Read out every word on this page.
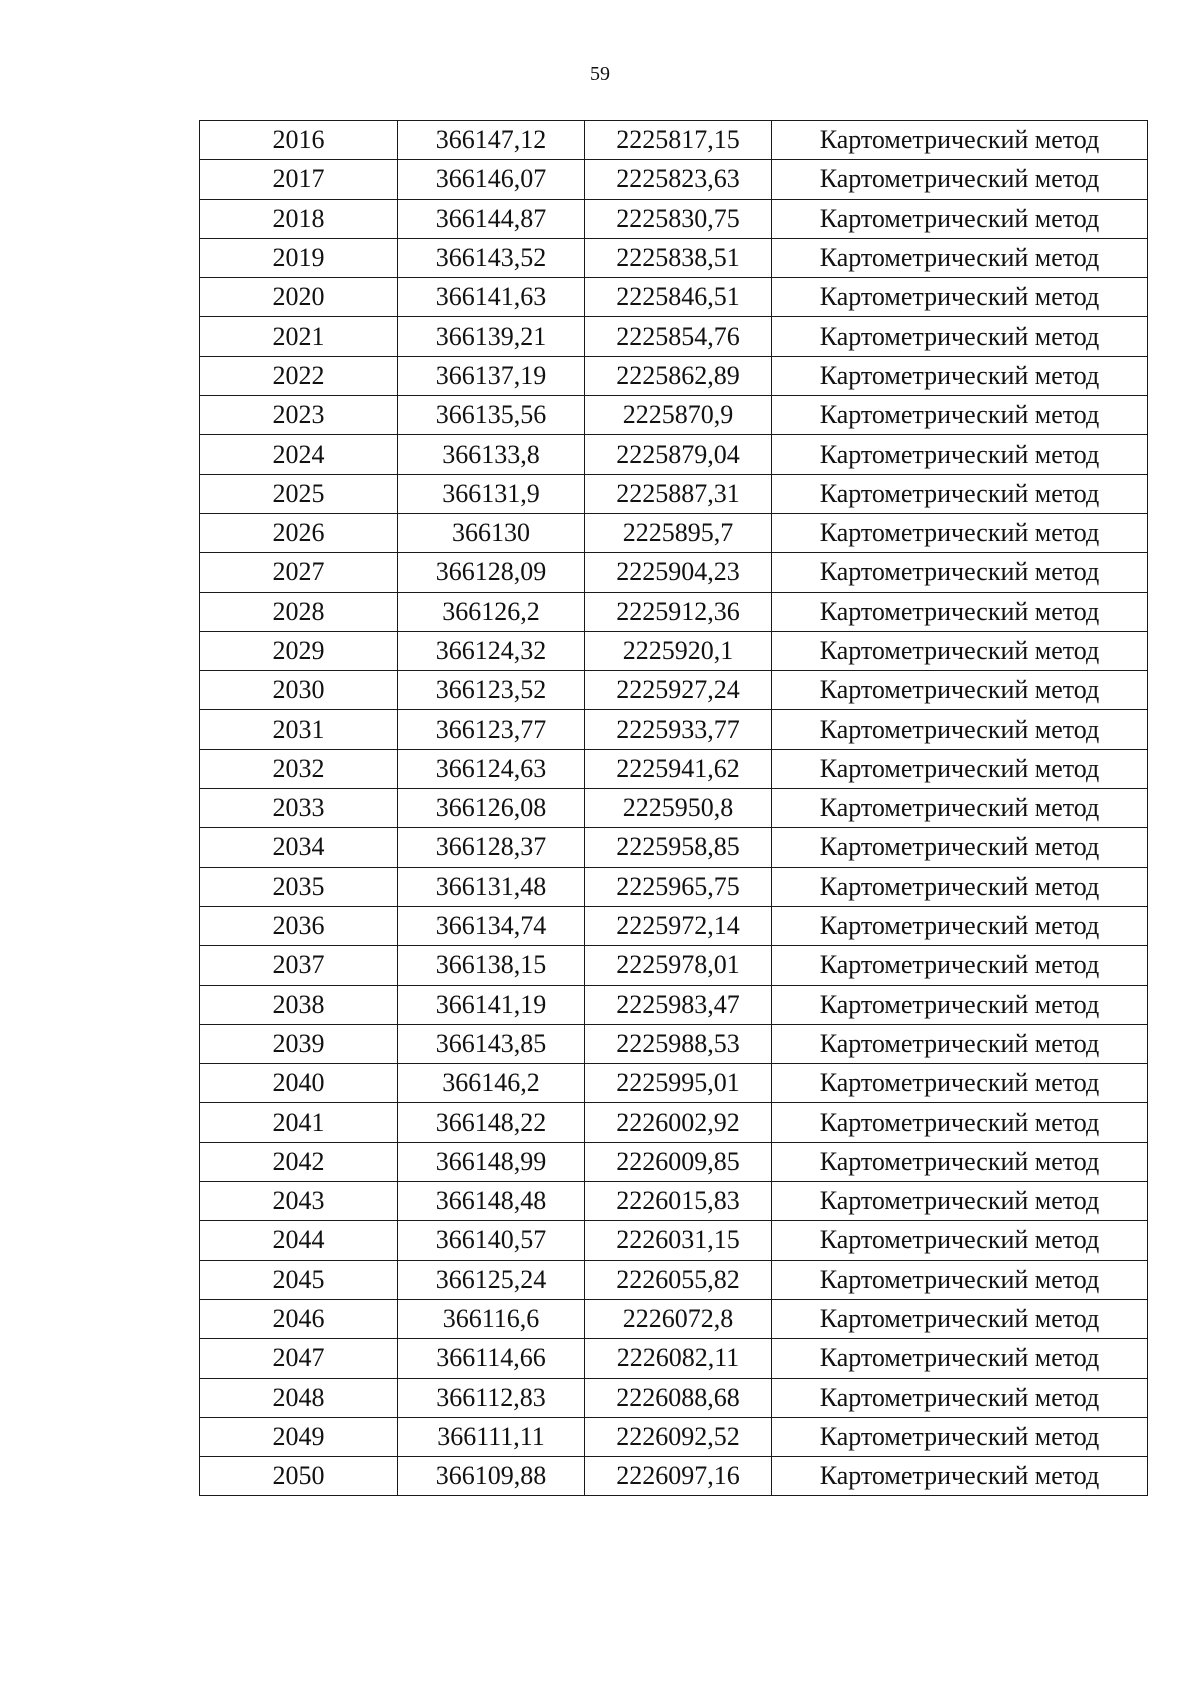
59
2016	366147,12	2225817,15	Картометрический метод
2017	366146,07	2225823,63	Картометрический метод
2018	366144,87	2225830,75	Картометрический метод
2019	366143,52	2225838,51	Картометрический метод
2020	366141,63	2225846,51	Картометрический метод
2021	366139,21	2225854,76	Картометрический метод
2022	366137,19	2225862,89	Картометрический метод
2023	366135,56	2225870,9	Картометрический метод
2024	366133,8	2225879,04	Картометрический метод
2025	366131,9	2225887,31	Картометрический метод
2026	366130	2225895,7	Картометрический метод
2027	366128,09	2225904,23	Картометрический метод
2028	366126,2	2225912,36	Картометрический метод
2029	366124,32	2225920,1	Картометрический метод
2030	366123,52	2225927,24	Картометрический метод
2031	366123,77	2225933,77	Картометрический метод
2032	366124,63	2225941,62	Картометрический метод
2033	366126,08	2225950,8	Картометрический метод
2034	366128,37	2225958,85	Картометрический метод
2035	366131,48	2225965,75	Картометрический метод
2036	366134,74	2225972,14	Картометрический метод
2037	366138,15	2225978,01	Картометрический метод
2038	366141,19	2225983,47	Картометрический метод
2039	366143,85	2225988,53	Картометрический метод
2040	366146,2	2225995,01	Картометрический метод
2041	366148,22	2226002,92	Картометрический метод
2042	366148,99	2226009,85	Картометрический метод
2043	366148,48	2226015,83	Картометрический метод
2044	366140,57	2226031,15	Картометрический метод
2045	366125,24	2226055,82	Картометрический метод
2046	366116,6	2226072,8	Картометрический метод
2047	366114,66	2226082,11	Картометрический метод
2048	366112,83	2226088,68	Картометрический метод
2049	366111,11	2226092,52	Картометрический метод
2050	366109,88	2226097,16	Картометрический метод
